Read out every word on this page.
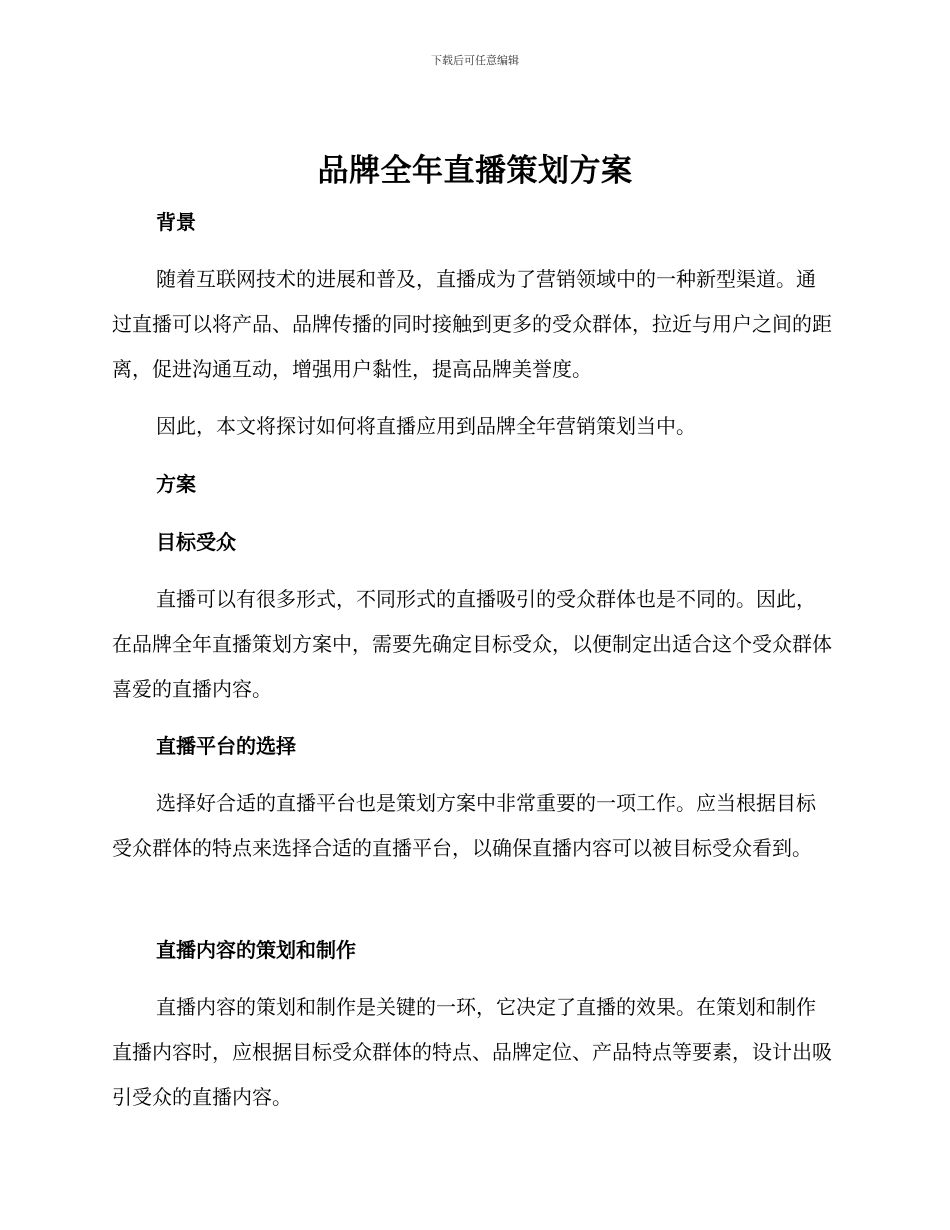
下载后可任意编辑
品牌全年直播策划方案
背景

随着互联网技术的进展和普及，直播成为了营销领域中的一种新型渠道。通过直播可以将产品、品牌传播的同时接触到更多的受众群体，拉近与用户之间的距离，促进沟通互动，增强用户黏性，提高品牌美誉度。

因此，本文将探讨如何将直播应用到品牌全年营销策划当中。

方案
目标受众

直播可以有很多形式，不同形式的直播吸引的受众群体也是不同的。因此，在品牌全年直播策划方案中，需要先确定目标受众，以便制定出适合这个受众群体喜爱的直播内容。

直播平台的选择

选择好合适的直播平台也是策划方案中非常重要的一项工作。应当根据目标受众群体的特点来选择合适的直播平台，以确保直播内容可以被目标受众看到。

直播内容的策划和制作

直播内容的策划和制作是关键的一环，它决定了直播的效果。在策划和制作直播内容时，应根据目标受众群体的特点、品牌定位、产品特点等要素，设计出吸引受众的直播内容。
